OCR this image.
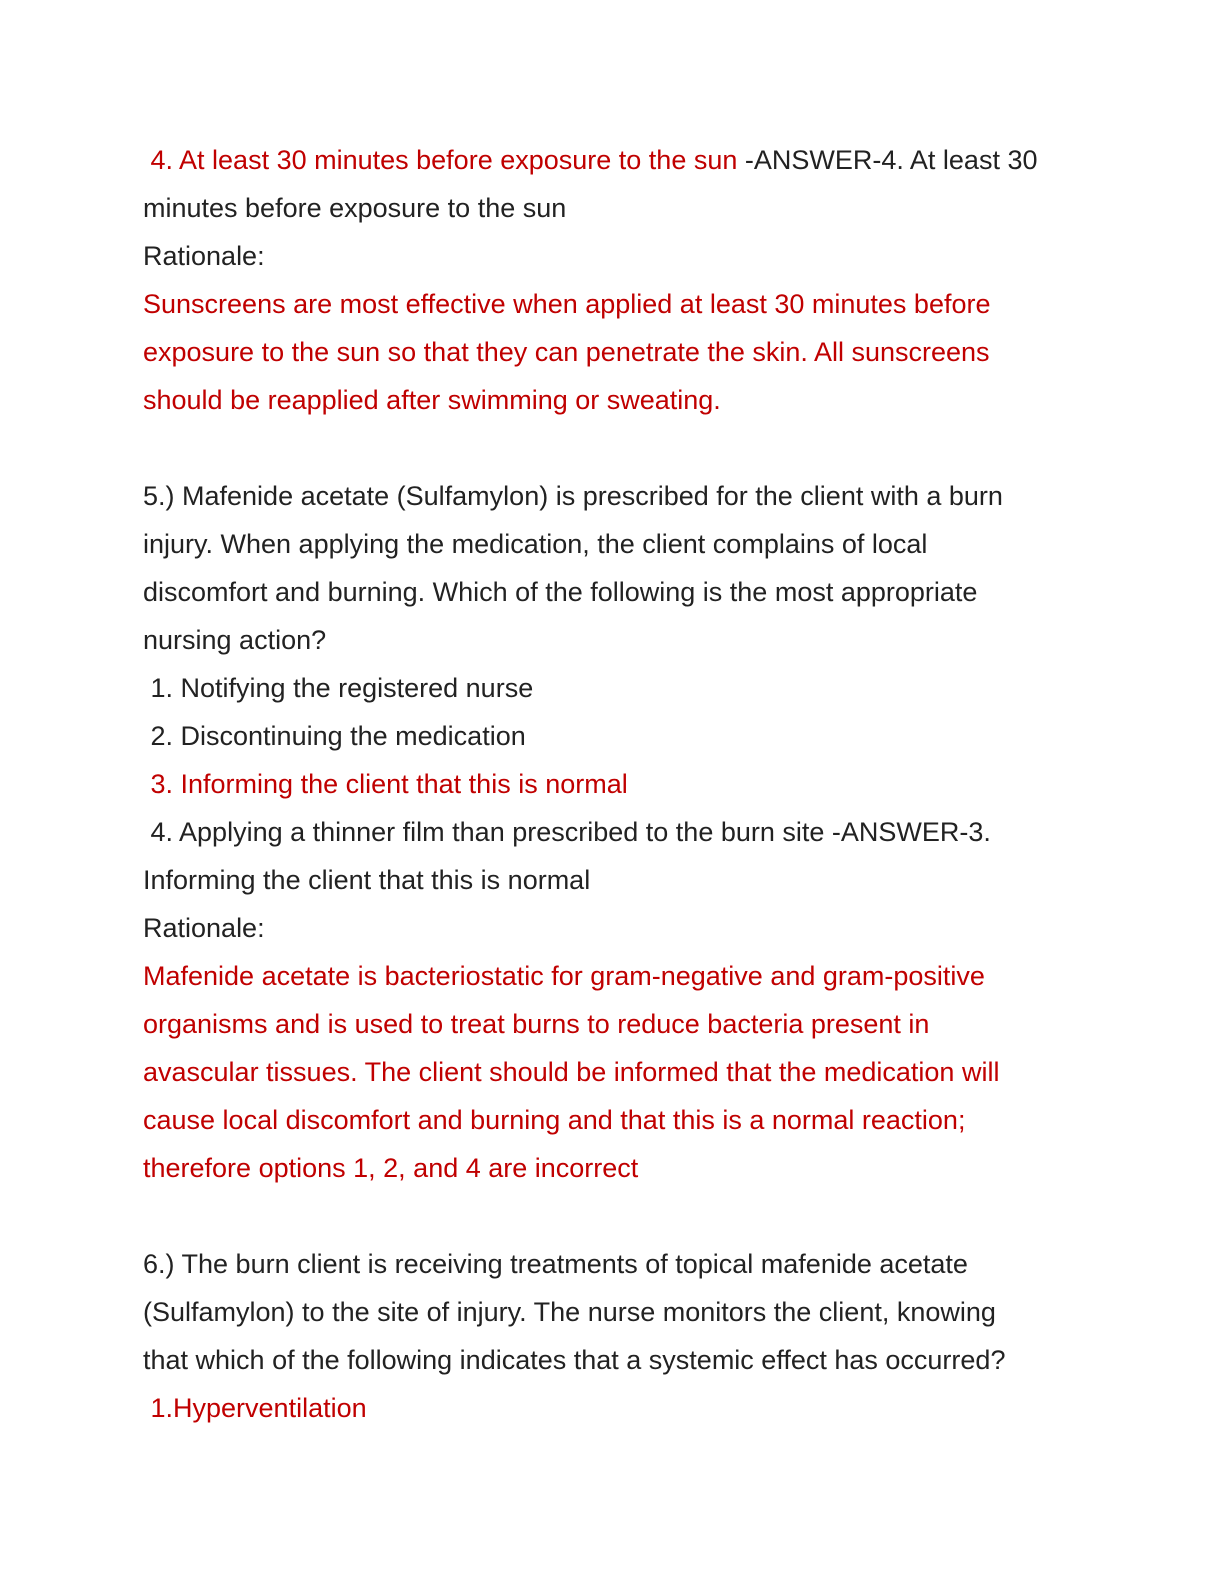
4. At least 30 minutes before exposure to the sun -ANSWER-4. At least 30
minutes before exposure to the sun
Rationale:
Sunscreens are most effective when applied at least 30 minutes before
exposure to the sun so that they can penetrate the skin. All sunscreens
should be reapplied after swimming or sweating.
5.) Mafenide acetate (Sulfamylon) is prescribed for the client with a burn
injury. When applying the medication, the client complains of local
discomfort and burning. Which of the following is the most appropriate
nursing action?
1. Notifying the registered nurse
2. Discontinuing the medication
3. Informing the client that this is normal
4. Applying a thinner film than prescribed to the burn site -ANSWER-3.
Informing the client that this is normal
Rationale:
Mafenide acetate is bacteriostatic for gram-negative and gram-positive
organisms and is used to treat burns to reduce bacteria present in
avascular tissues. The client should be informed that the medication will
cause local discomfort and burning and that this is a normal reaction;
therefore options 1, 2, and 4 are incorrect
6.) The burn client is receiving treatments of topical mafenide acetate
(Sulfamylon) to the site of injury. The nurse monitors the client, knowing
that which of the following indicates that a systemic effect has occurred?
1.Hyperventilation
